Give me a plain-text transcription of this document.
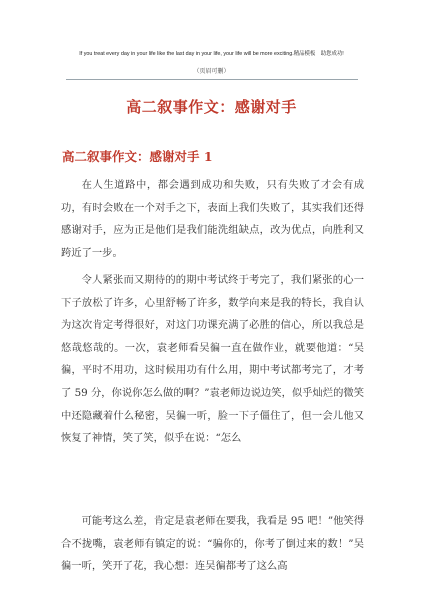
If you treat every day in your life like the last day in your life, your life will be more exciting.精品模板　助您成功!
（页眉可删）
高二叙事作文：感谢对手
高二叙事作文：感谢对手 1

在人生道路中，都会遇到成功和失败，只有失败了才会有成功，有时会败在一个对手之下，表面上我们失败了，其实我们还得感谢对手，应为正是他们是我们能洗组缺点，改为优点，向胜利又跨近了一步。

令人紧张而又期待的的期中考试终于考完了，我们紧张的心一下子放松了许多，心里舒畅了许多，数学向来是我的特长，我自认为这次肯定考得很好，对这门功课充满了必胜的信心，所以我总是悠哉悠哉的。一次，袁老师看吴徧一直在做作业，就要他道：“吴徧，平时不用功，这时候用功有什么用，期中考试都考完了，才考了 59 分，你说你怎么做的啊？”袁老师边说边笑，似乎灿烂的微笑中还隐藏着什么秘密，吴徧一听，脸一下子僵住了，但一会儿他又恢复了神情，笑了笑，似乎在说：“怎么

可能考这么差，肯定是袁老师在要我，我看是 95 吧！”他笑得合不拢嘴，袁老师有镇定的说：“骗你的，你考了倒过来的数！”吴徧一听，笑开了花，我心想：连吴徧都考了这么高
